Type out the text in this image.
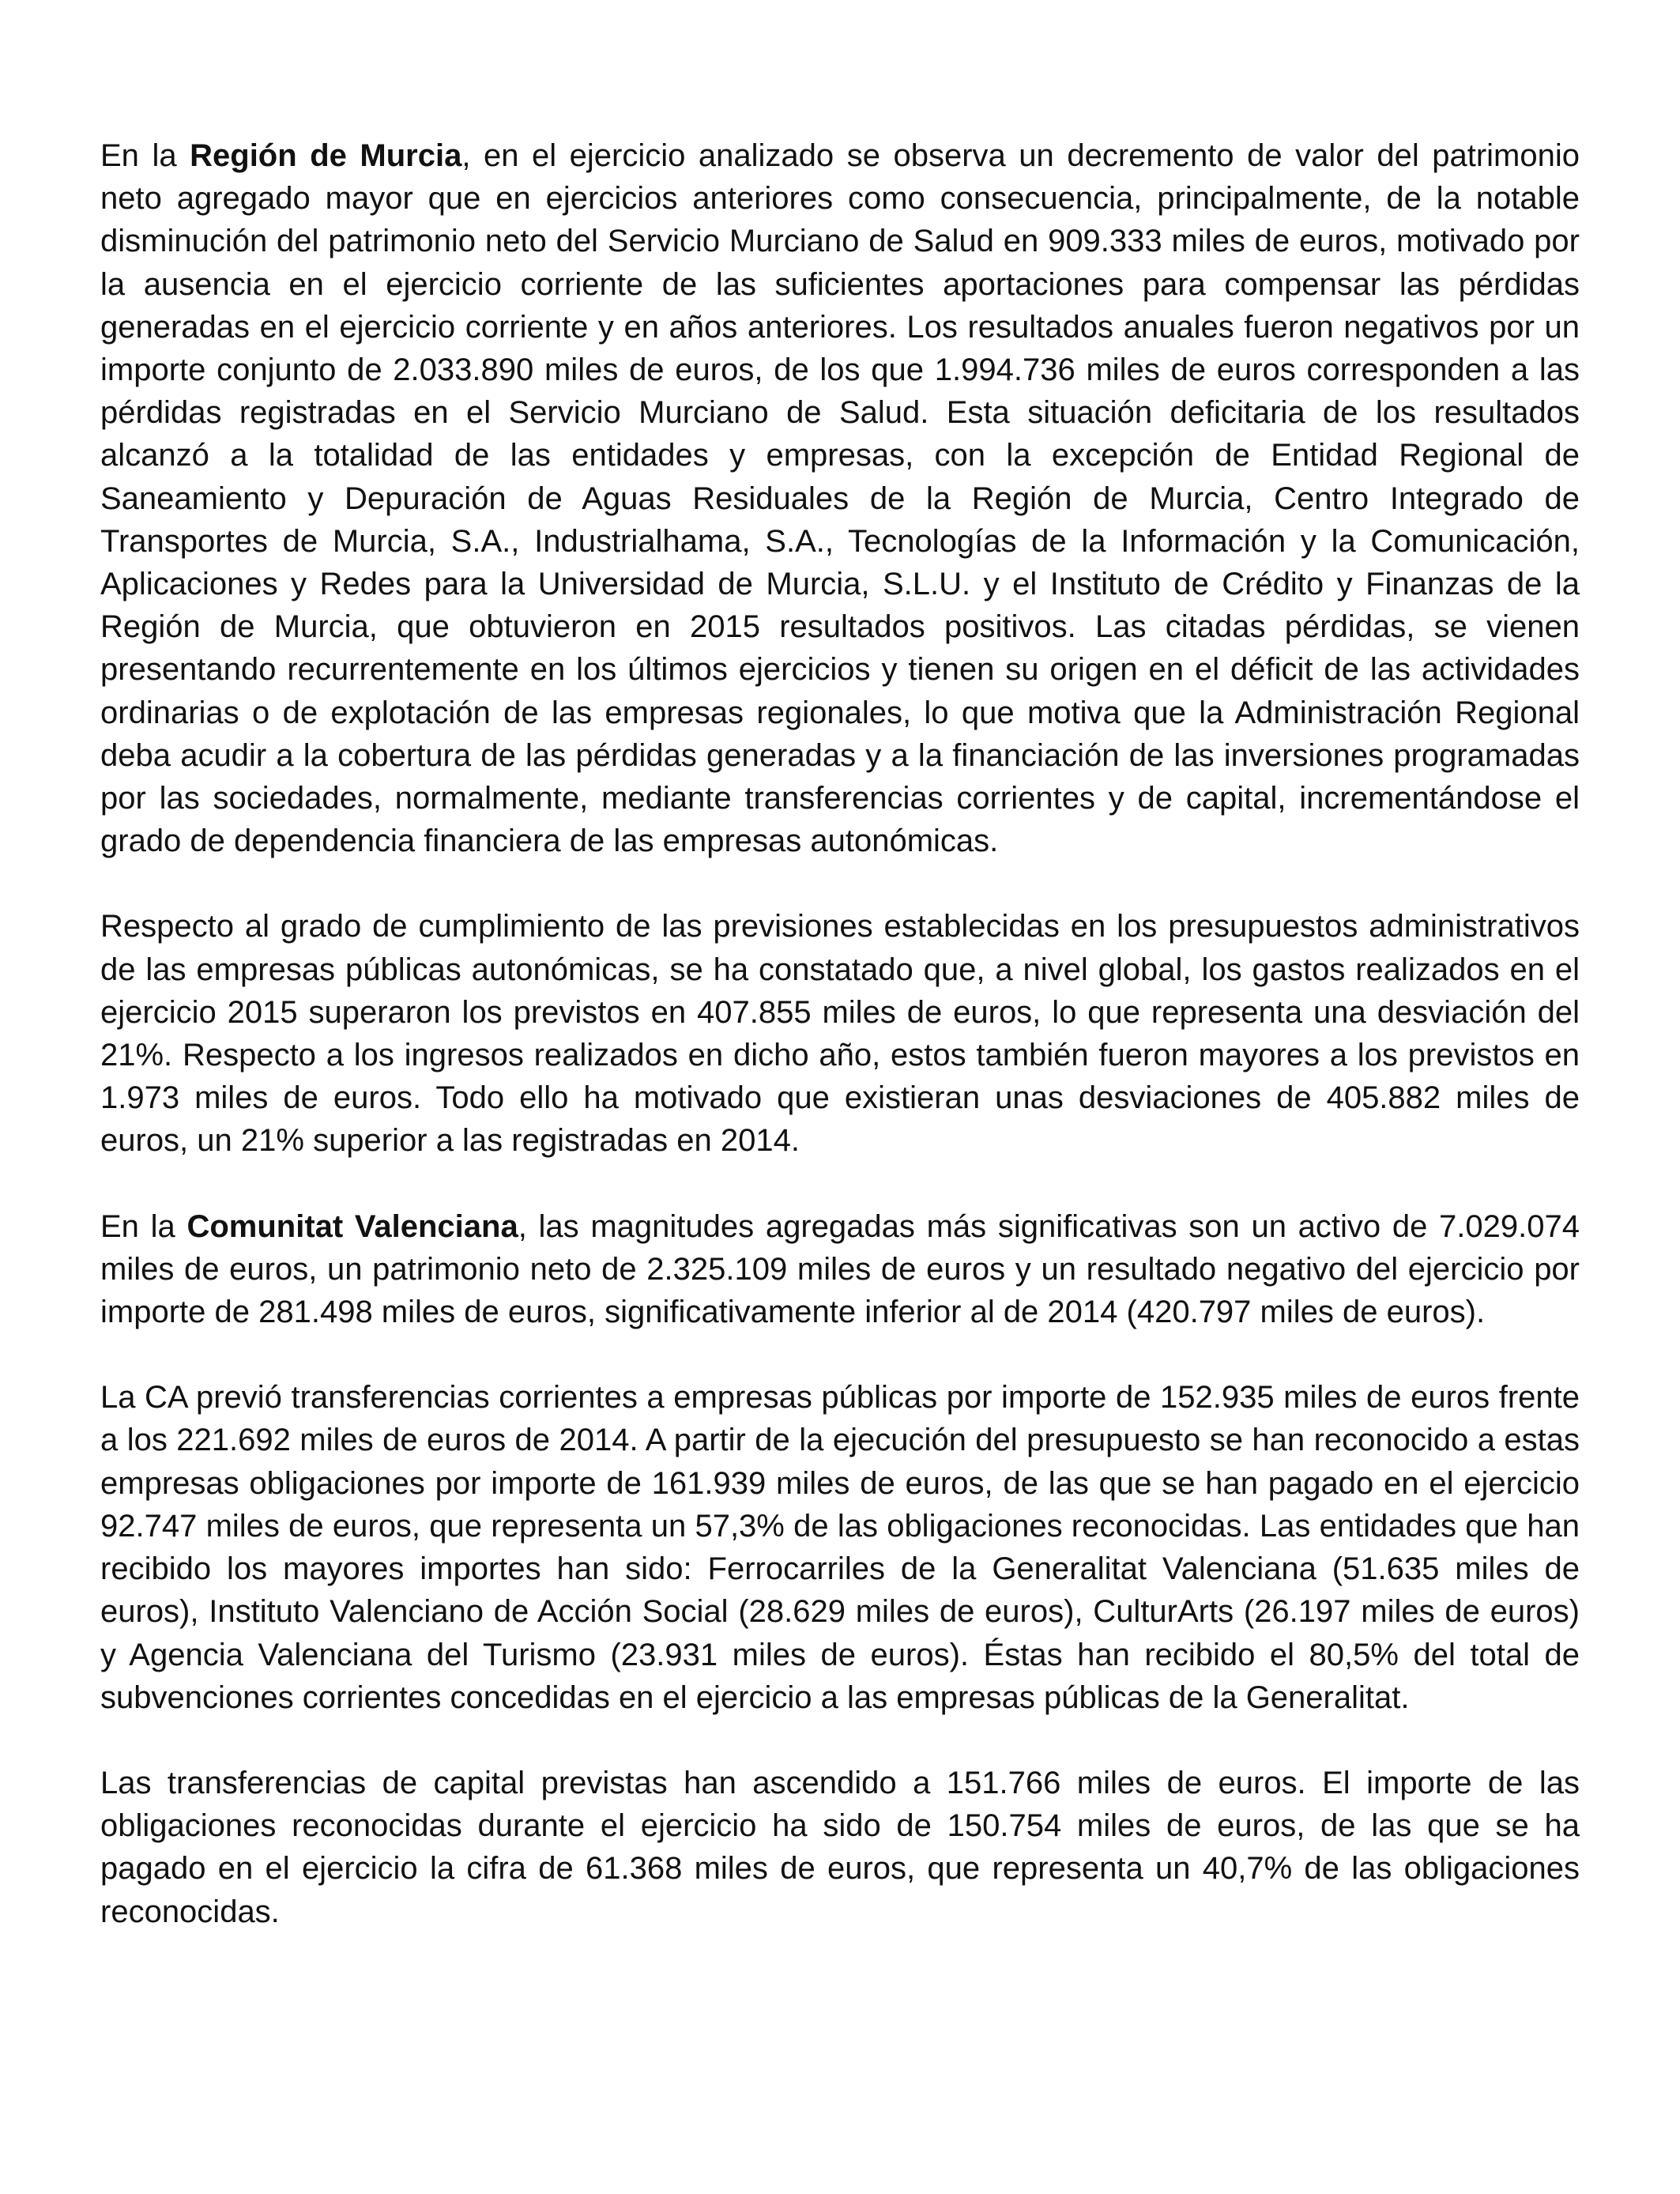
En la Región de Murcia, en el ejercicio analizado se observa un decremento de valor del patrimonio neto agregado mayor que en ejercicios anteriores como consecuencia, principalmente, de la notable disminución del patrimonio neto del Servicio Murciano de Salud en 909.333 miles de euros, motivado por la ausencia en el ejercicio corriente de las suficientes aportaciones para compensar las pérdidas generadas en el ejercicio corriente y en años anteriores. Los resultados anuales fueron negativos por un importe conjunto de 2.033.890 miles de euros, de los que 1.994.736 miles de euros corresponden a las pérdidas registradas en el Servicio Murciano de Salud. Esta situación deficitaria de los resultados alcanzó a la totalidad de las entidades y empresas, con la excepción de Entidad Regional de Saneamiento y Depuración de Aguas Residuales de la Región de Murcia, Centro Integrado de Transportes de Murcia, S.A., Industrialhama, S.A., Tecnologías de la Información y la Comunicación, Aplicaciones y Redes para la Universidad de Murcia, S.L.U. y el Instituto de Crédito y Finanzas de la Región de Murcia, que obtuvieron en 2015 resultados positivos. Las citadas pérdidas, se vienen presentando recurrentemente en los últimos ejercicios y tienen su origen en el déficit de las actividades ordinarias o de explotación de las empresas regionales, lo que motiva que la Administración Regional deba acudir a la cobertura de las pérdidas generadas y a la financiación de las inversiones programadas por las sociedades, normalmente, mediante transferencias corrientes y de capital, incrementándose el grado de dependencia financiera de las empresas autonómicas.

Respecto al grado de cumplimiento de las previsiones establecidas en los presupuestos administrativos de las empresas públicas autonómicas, se ha constatado que, a nivel global, los gastos realizados en el ejercicio 2015 superaron los previstos en 407.855 miles de euros, lo que representa una desviación del 21%. Respecto a los ingresos realizados en dicho año, estos también fueron mayores a los previstos en 1.973 miles de euros. Todo ello ha motivado que existieran unas desviaciones de 405.882 miles de euros, un 21% superior a las registradas en 2014.

En la Comunitat Valenciana, las magnitudes agregadas más significativas son un activo de 7.029.074 miles de euros, un patrimonio neto de 2.325.109 miles de euros y un resultado negativo del ejercicio por importe de 281.498 miles de euros, significativamente inferior al de 2014 (420.797 miles de euros).

La CA previó transferencias corrientes a empresas públicas por importe de 152.935 miles de euros frente a los 221.692 miles de euros de 2014. A partir de la ejecución del presupuesto se han reconocido a estas empresas obligaciones por importe de 161.939 miles de euros, de las que se han pagado en el ejercicio 92.747 miles de euros, que representa un 57,3% de las obligaciones reconocidas. Las entidades que han recibido los mayores importes han sido: Ferrocarriles de la Generalitat Valenciana (51.635 miles de euros), Instituto Valenciano de Acción Social (28.629 miles de euros), CulturArts (26.197 miles de euros) y Agencia Valenciana del Turismo (23.931 miles de euros). Éstas han recibido el 80,5% del total de subvenciones corrientes concedidas en el ejercicio a las empresas públicas de la Generalitat.

Las transferencias de capital previstas han ascendido a 151.766 miles de euros. El importe de las obligaciones reconocidas durante el ejercicio ha sido de 150.754 miles de euros, de las que se ha pagado en el ejercicio la cifra de 61.368 miles de euros, que representa un 40,7% de las obligaciones reconocidas.
